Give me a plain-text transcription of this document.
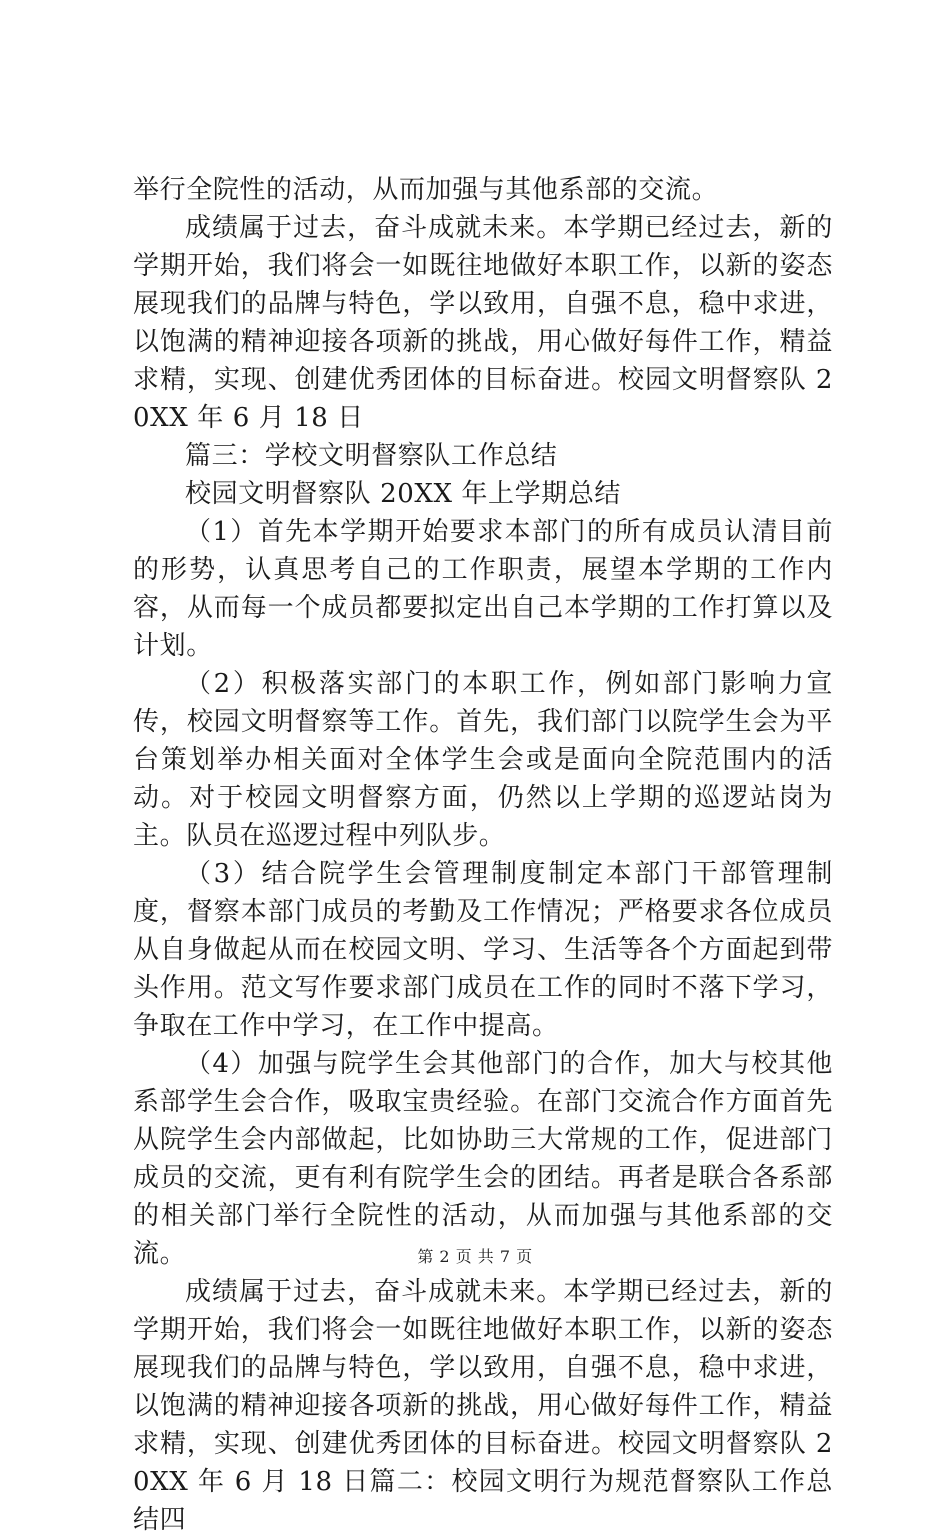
举行全院性的活动，从而加强与其他系部的交流。

成绩属于过去，奋斗成就未来。本学期已经过去，新的学期开始，我们将会一如既往地做好本职工作，以新的姿态展现我们的品牌与特色，学以致用，自强不息，稳中求进，以饱满的精神迎接各项新的挑战，用心做好每件工作，精益求精，实现、创建优秀团体的目标奋进。校园文明督察队 20XX 年 6 月 18 日

篇三：学校文明督察队工作总结

校园文明督察队 20XX 年上学期总结

（1）首先本学期开始要求本部门的所有成员认清目前的形势，认真思考自己的工作职责，展望本学期的工作内容，从而每一个成员都要拟定出自己本学期的工作打算以及计划。

（2）积极落实部门的本职工作，例如部门影响力宣传，校园文明督察等工作。首先，我们部门以院学生会为平台策划举办相关面对全体学生会或是面向全院范围内的活动。对于校园文明督察方面，仍然以上学期的巡逻站岗为主。队员在巡逻过程中列队步。

（3）结合院学生会管理制度制定本部门干部管理制度，督察本部门成员的考勤及工作情况；严格要求各位成员从自身做起从而在校园文明、学习、生活等各个方面起到带头作用。范文写作要求部门成员在工作的同时不落下学习，争取在工作中学习，在工作中提高。

（4）加强与院学生会其他部门的合作，加大与校其他系部学生会合作，吸取宝贵经验。在部门交流合作方面首先从院学生会内部做起，比如协助三大常规的工作，促进部门成员的交流，更有利有院学生会的团结。再者是联合各系部的相关部门举行全院性的活动，从而加强与其他系部的交流。

成绩属于过去，奋斗成就未来。本学期已经过去，新的学期开始，我们将会一如既往地做好本职工作，以新的姿态展现我们的品牌与特色，学以致用，自强不息，稳中求进，以饱满的精神迎接各项新的挑战，用心做好每件工作，精益求精，实现、创建优秀团体的目标奋进。校园文明督察队 20XX 年 6 月 18 日篇二：校园文明行为规范督察队工作总结四

第 2 页 共 7 页
